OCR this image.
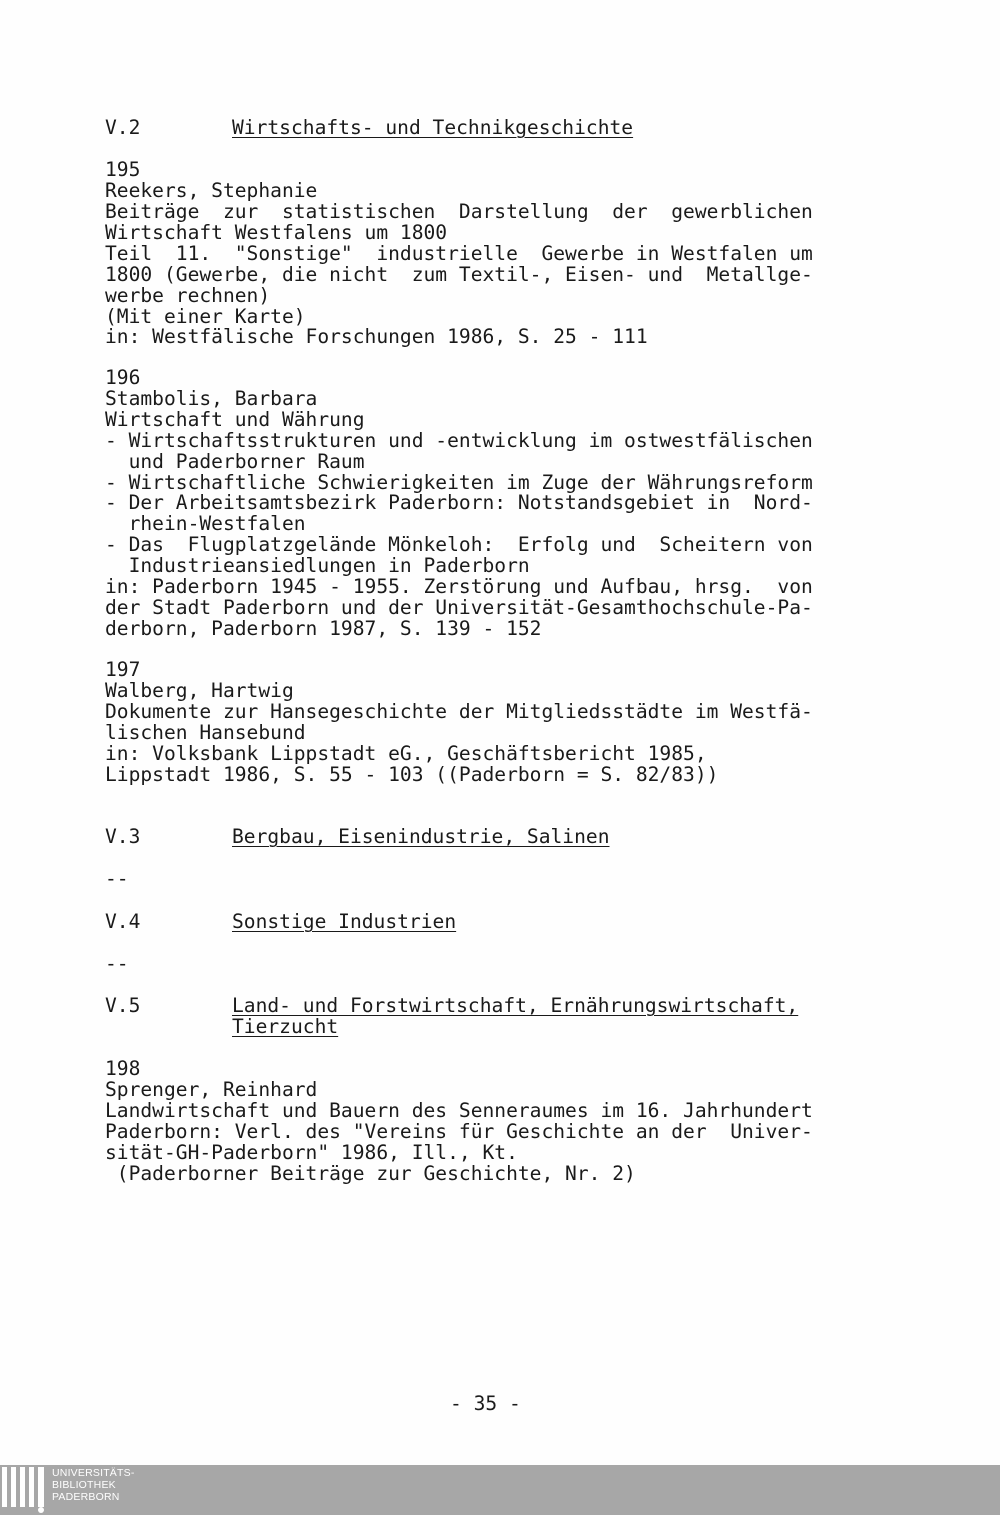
V.2	Wirtschafts- und Technikgeschichte
195
Reekers, Stephanie
Beiträge  zur  statistischen  Darstellung  der  gewerblichen
Wirtschaft Westfalens um 1800
Teil  11.  "Sonstige"  industrielle  Gewerbe in Westfalen um
1800 (Gewerbe, die nicht  zum Textil-, Eisen- und  Metallge-
werbe rechnen)
(Mit einer Karte)
in: Westfälische Forschungen 1986, S. 25 - 111
196
Stambolis, Barbara
Wirtschaft und Währung
- Wirtschaftsstrukturen und -entwicklung im ostwestfälischen
und Paderborner Raum
- Wirtschaftliche Schwierigkeiten im Zuge der Währungsreform
- Der Arbeitsamtsbezirk Paderborn: Notstandsgebiet in  Nord-
rhein-Westfalen
- Das  Flugplatzgelände Mönkeloh:  Erfolg und  Scheitern von
Industrieansiedlungen in Paderborn
in: Paderborn 1945 - 1955. Zerstörung und Aufbau, hrsg.  von
der Stadt Paderborn und der Universität-Gesamthochschule-Pa-
derborn, Paderborn 1987, S. 139 - 152
197
Walberg, Hartwig
Dokumente zur Hansegeschichte der Mitgliedsstädte im Westfä-
lischen Hansebund
in: Volksbank Lippstadt eG., Geschäftsbericht 1985,
Lippstadt 1986, S. 55 - 103 ((Paderborn = S. 82/83))
V.3	Bergbau, Eisenindustrie, Salinen
--
V.4	Sonstige Industrien
--
V.5	Land- und Forstwirtschaft, Ernährungswirtschaft,
Tierzucht
198
Sprenger, Reinhard
Landwirtschaft und Bauern des Senneraumes im 16. Jahrhundert
Paderborn: Verl. des "Vereins für Geschichte an der  Univer-
sität-GH-Paderborn" 1986, Ill., Kt.
(Paderborner Beiträge zur Geschichte, Nr. 2)
- 35 -
UNIVERSITÄTS-
BIBLIOTHEK
PADERBORN
